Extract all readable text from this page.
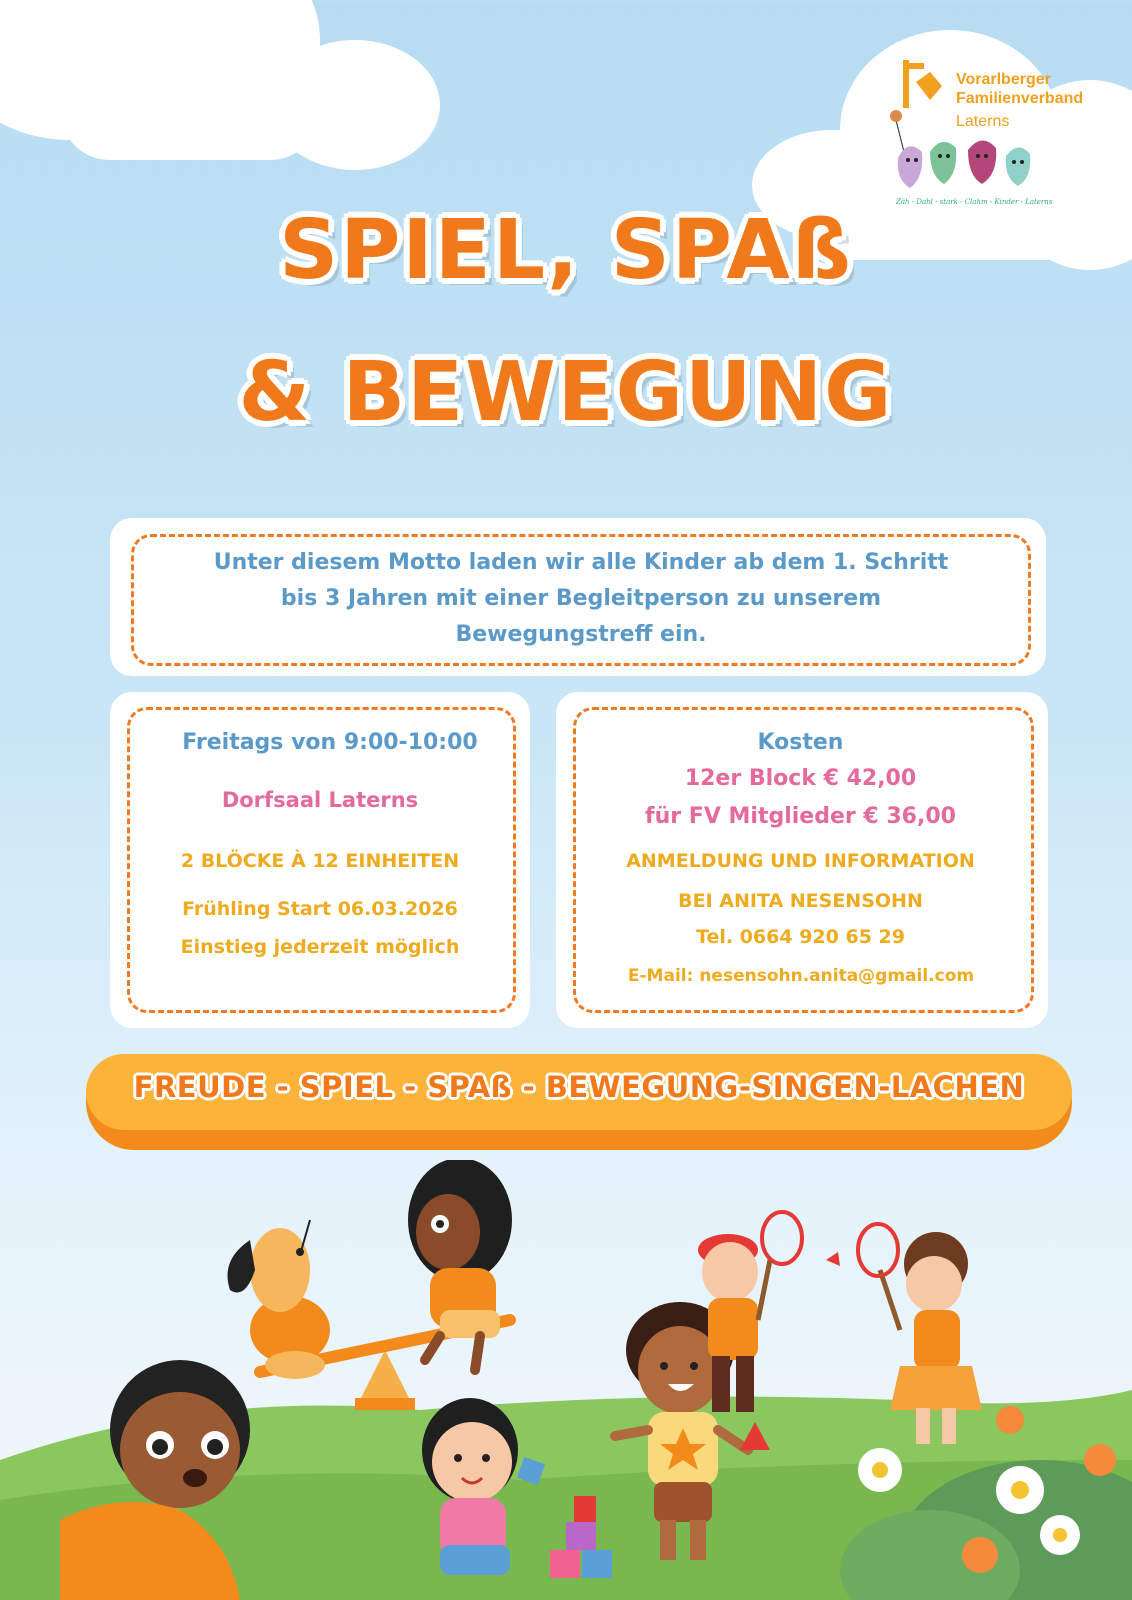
Vorarlberger
Familienverband
Laterns
Zäh - Dahl - stark - Clahm - Kinder - Laterns
SPIEL, SPAß
& BEWEGUNG
Unter diesem Motto laden wir alle Kinder ab dem 1. Schritt
bis 3 Jahren mit einer Begleitperson zu unserem
Bewegungstreff ein.
Freitags von 9:00-10:00
Dorfsaal Laterns
2 BLÖCKE À 12 EINHEITEN
Frühling Start 06.03.2026
Einstieg jederzeit möglich
Kosten
12er Block € 42,00
für FV Mitglieder € 36,00
ANMELDUNG UND INFORMATION
BEI ANITA NESENSOHN
Tel. 0664 920 65 29
E-Mail: nesensohn.anita@gmail.com
FREUDE - SPIEL - SPAß - BEWEGUNG-SINGEN-LACHEN
